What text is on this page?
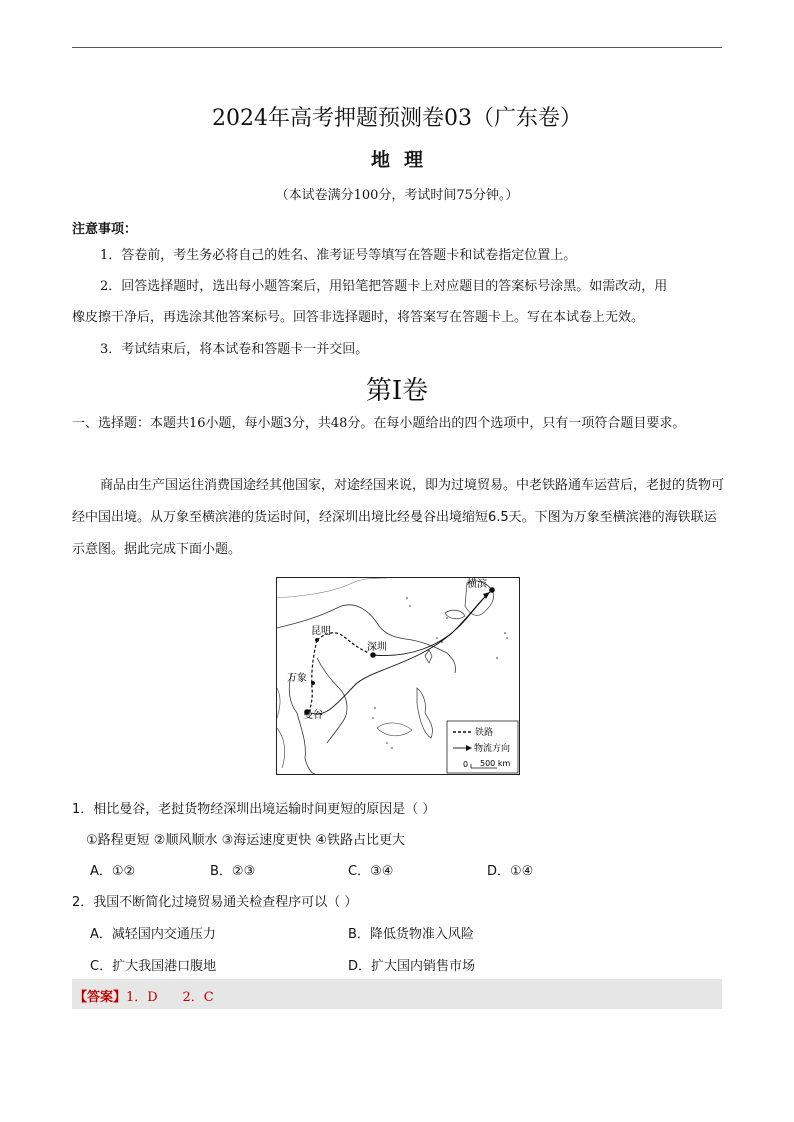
2024年高考押题预测卷03（广东卷）
地理
（本试卷满分100分，考试时间75分钟。）
注意事项：
1．答卷前，考生务必将自己的姓名、准考证号等填写在答题卡和试卷指定位置上。
2．回答选择题时，选出每小题答案后，用铅笔把答题卡上对应题目的答案标号涂黑。如需改动，用
橡皮擦干净后，再选涂其他答案标号。回答非选择题时，将答案写在答题卡上。写在本试卷上无效。
3．考试结束后，将本试卷和答题卡一并交回。
第Ⅰ卷
一、选择题：本题共16小题，每小题3分，共48分。在每小题给出的四个选项中，只有一项符合题目要求。
商品由生产国运往消费国途经其他国家，对途经国来说，即为过境贸易。中老铁路通车运营后，老挝的货物可经中国出境。从万象至横滨港的货运时间，经深圳出境比经曼谷出境缩短6.5天。下图为万象至横滨港的海铁联运示意图。据此完成下面小题。
昆明
深圳
横滨
万象
曼谷
铁路
物流方向
0 500 km
1．相比曼谷，老挝货物经深圳出境运输时间更短的原因是（ ）
①路程更短 ②顺风顺水 ③海运速度更快 ④铁路占比更大
A．①②	B．②③	C．③④	D．①④
2．我国不断简化过境贸易通关检查程序可以（ ）
A．减轻国内交通压力	B．降低货物准入风险
C．扩大我国港口腹地	D．扩大国内销售市场
【答案】 1．D      2．C
